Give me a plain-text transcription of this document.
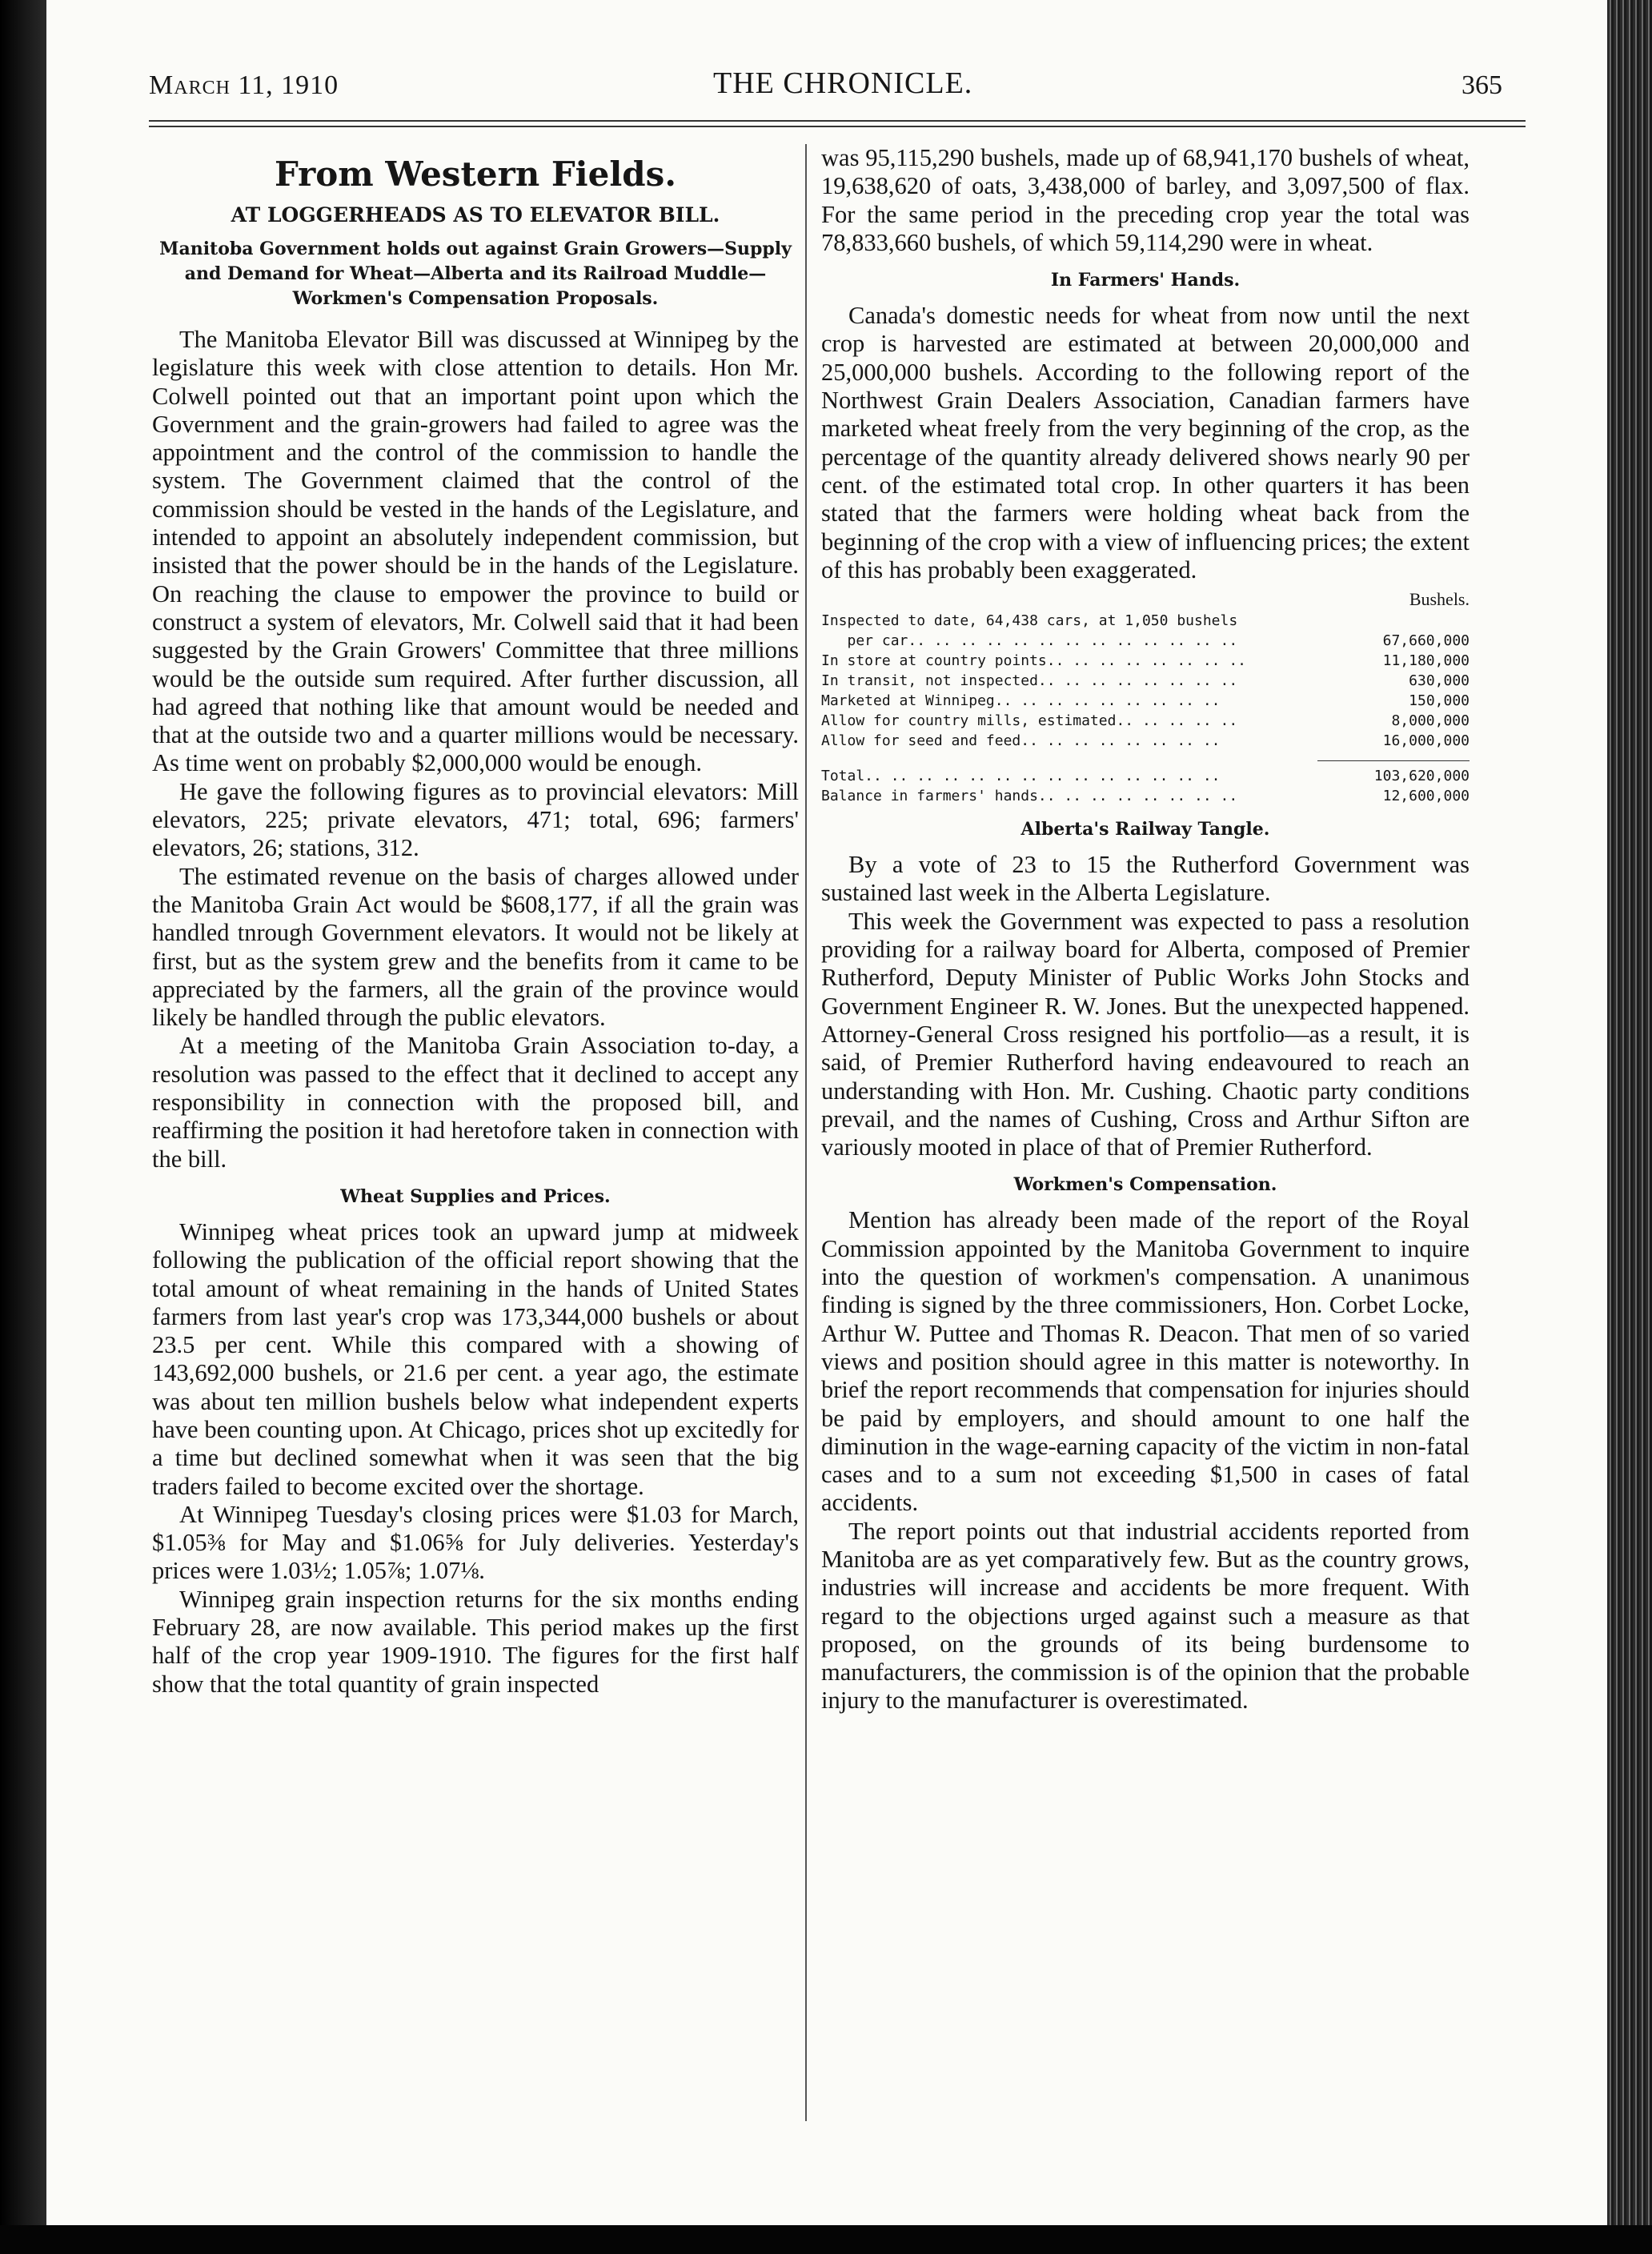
March 11, 1910	THE CHRONICLE.	365
From Western Fields.
AT LOGGERHEADS AS TO ELEVATOR BILL.
Manitoba Government holds out against Grain Growers—Supply and Demand for Wheat—Alberta and its Railroad Muddle—Workmen's Compensation Proposals.

The Manitoba Elevator Bill was discussed at Winnipeg by the legislature this week with close attention to details. Hon Mr. Colwell pointed out that an important point upon which the Government and the grain-growers had failed to agree was the appointment and the control of the commission to handle the system. The Government claimed that the control of the commission should be vested in the hands of the Legislature, and intended to appoint an absolutely independent commission, but insisted that the power should be in the hands of the Legislature. On reaching the clause to empower the province to build or construct a system of elevators, Mr. Colwell said that it had been suggested by the Grain Growers' Committee that three millions would be the outside sum required. After further discussion, all had agreed that nothing like that amount would be needed and that at the outside two and a quarter millions would be necessary. As time went on probably $2,000,000 would be enough.

He gave the following figures as to provincial elevators: Mill elevators, 225; private elevators, 471; total, 696; farmers' elevators, 26; stations, 312.

The estimated revenue on the basis of charges allowed under the Manitoba Grain Act would be $608,177, if all the grain was handled tnrough Government elevators. It would not be likely at first, but as the system grew and the benefits from it came to be appreciated by the farmers, all the grain of the province would likely be handled through the public elevators.

At a meeting of the Manitoba Grain Association to-day, a resolution was passed to the effect that it declined to accept any responsibility in connection with the proposed bill, and reaffirming the position it had heretofore taken in connection with the bill.

Wheat Supplies and Prices.

Winnipeg wheat prices took an upward jump at midweek following the publication of the official report showing that the total amount of wheat remaining in the hands of United States farmers from last year's crop was 173,344,000 bushels or about 23.5 per cent. While this compared with a showing of 143,692,000 bushels, or 21.6 per cent. a year ago, the estimate was about ten million bushels below what independent experts have been counting upon. At Chicago, prices shot up excitedly for a time but declined somewhat when it was seen that the big traders failed to become excited over the shortage.

At Winnipeg Tuesday's closing prices were $1.03 for March, $1.05⅜ for May and $1.06⅝ for July deliveries. Yesterday's prices were 1.03½; 1.05⅞; 1.07⅛.

Winnipeg grain inspection returns for the six months ending February 28, are now available. This period makes up the first half of the crop year 1909-1910. The figures for the first half show that the total quantity of grain inspected

was 95,115,290 bushels, made up of 68,941,170 bushels of wheat, 19,638,620 of oats, 3,438,000 of barley, and 3,097,500 of flax. For the same period in the preceding crop year the total was 78,833,660 bushels, of which 59,114,290 were in wheat.

In Farmers' Hands.

Canada's domestic needs for wheat from now until the next crop is harvested are estimated at between 20,000,000 and 25,000,000 bushels. According to the following report of the Northwest Grain Dealers Association, Canadian farmers have marketed wheat freely from the very beginning of the crop, as the percentage of the quantity already delivered shows nearly 90 per cent. of the estimated total crop. In other quarters it has been stated that the farmers were holding wheat back from the beginning of the crop with a view of influencing prices; the extent of this has probably been exaggerated.

Bushels.
Inspected to date, 64,438 cars, at 1,050 bushels
per car.. .. .. .. .. .. .. .. .. .. .. .. ..	67,660,000
In store at country points.. .. .. .. .. .. .. ..	11,180,000
In transit, not inspected.. .. .. .. .. .. .. ..	630,000
Marketed at Winnipeg.. .. .. .. .. .. .. .. ..	150,000
Allow for country mills, estimated.. .. .. .. ..	8,000,000
Allow for seed and feed.. .. .. .. .. .. .. ..	16,000,000
Total.. .. .. .. .. .. .. .. .. .. .. .. .. ..	103,620,000
Balance in farmers' hands.. .. .. .. .. .. .. ..	12,600,000
Alberta's Railway Tangle.

By a vote of 23 to 15 the Rutherford Government was sustained last week in the Alberta Legislature.

This week the Government was expected to pass a resolution providing for a railway board for Alberta, composed of Premier Rutherford, Deputy Minister of Public Works John Stocks and Government Engineer R. W. Jones. But the unexpected happened. Attorney-General Cross resigned his portfolio—as a result, it is said, of Premier Rutherford having endeavoured to reach an understanding with Hon. Mr. Cushing. Chaotic party conditions prevail, and the names of Cushing, Cross and Arthur Sifton are variously mooted in place of that of Premier Rutherford.

Workmen's Compensation.

Mention has already been made of the report of the Royal Commission appointed by the Manitoba Government to inquire into the question of workmen's compensation. A unanimous finding is signed by the three commissioners, Hon. Corbet Locke, Arthur W. Puttee and Thomas R. Deacon. That men of so varied views and position should agree in this matter is noteworthy. In brief the report recommends that compensation for injuries should be paid by employers, and should amount to one half the diminution in the wage-earning capacity of the victim in non-fatal cases and to a sum not exceeding $1,500 in cases of fatal accidents.

The report points out that industrial accidents reported from Manitoba are as yet comparatively few. But as the country grows, industries will increase and accidents be more frequent. With regard to the objections urged against such a measure as that proposed, on the grounds of its being burdensome to manufacturers, the commission is of the opinion that the probable injury to the manufacturer is overestimated.
